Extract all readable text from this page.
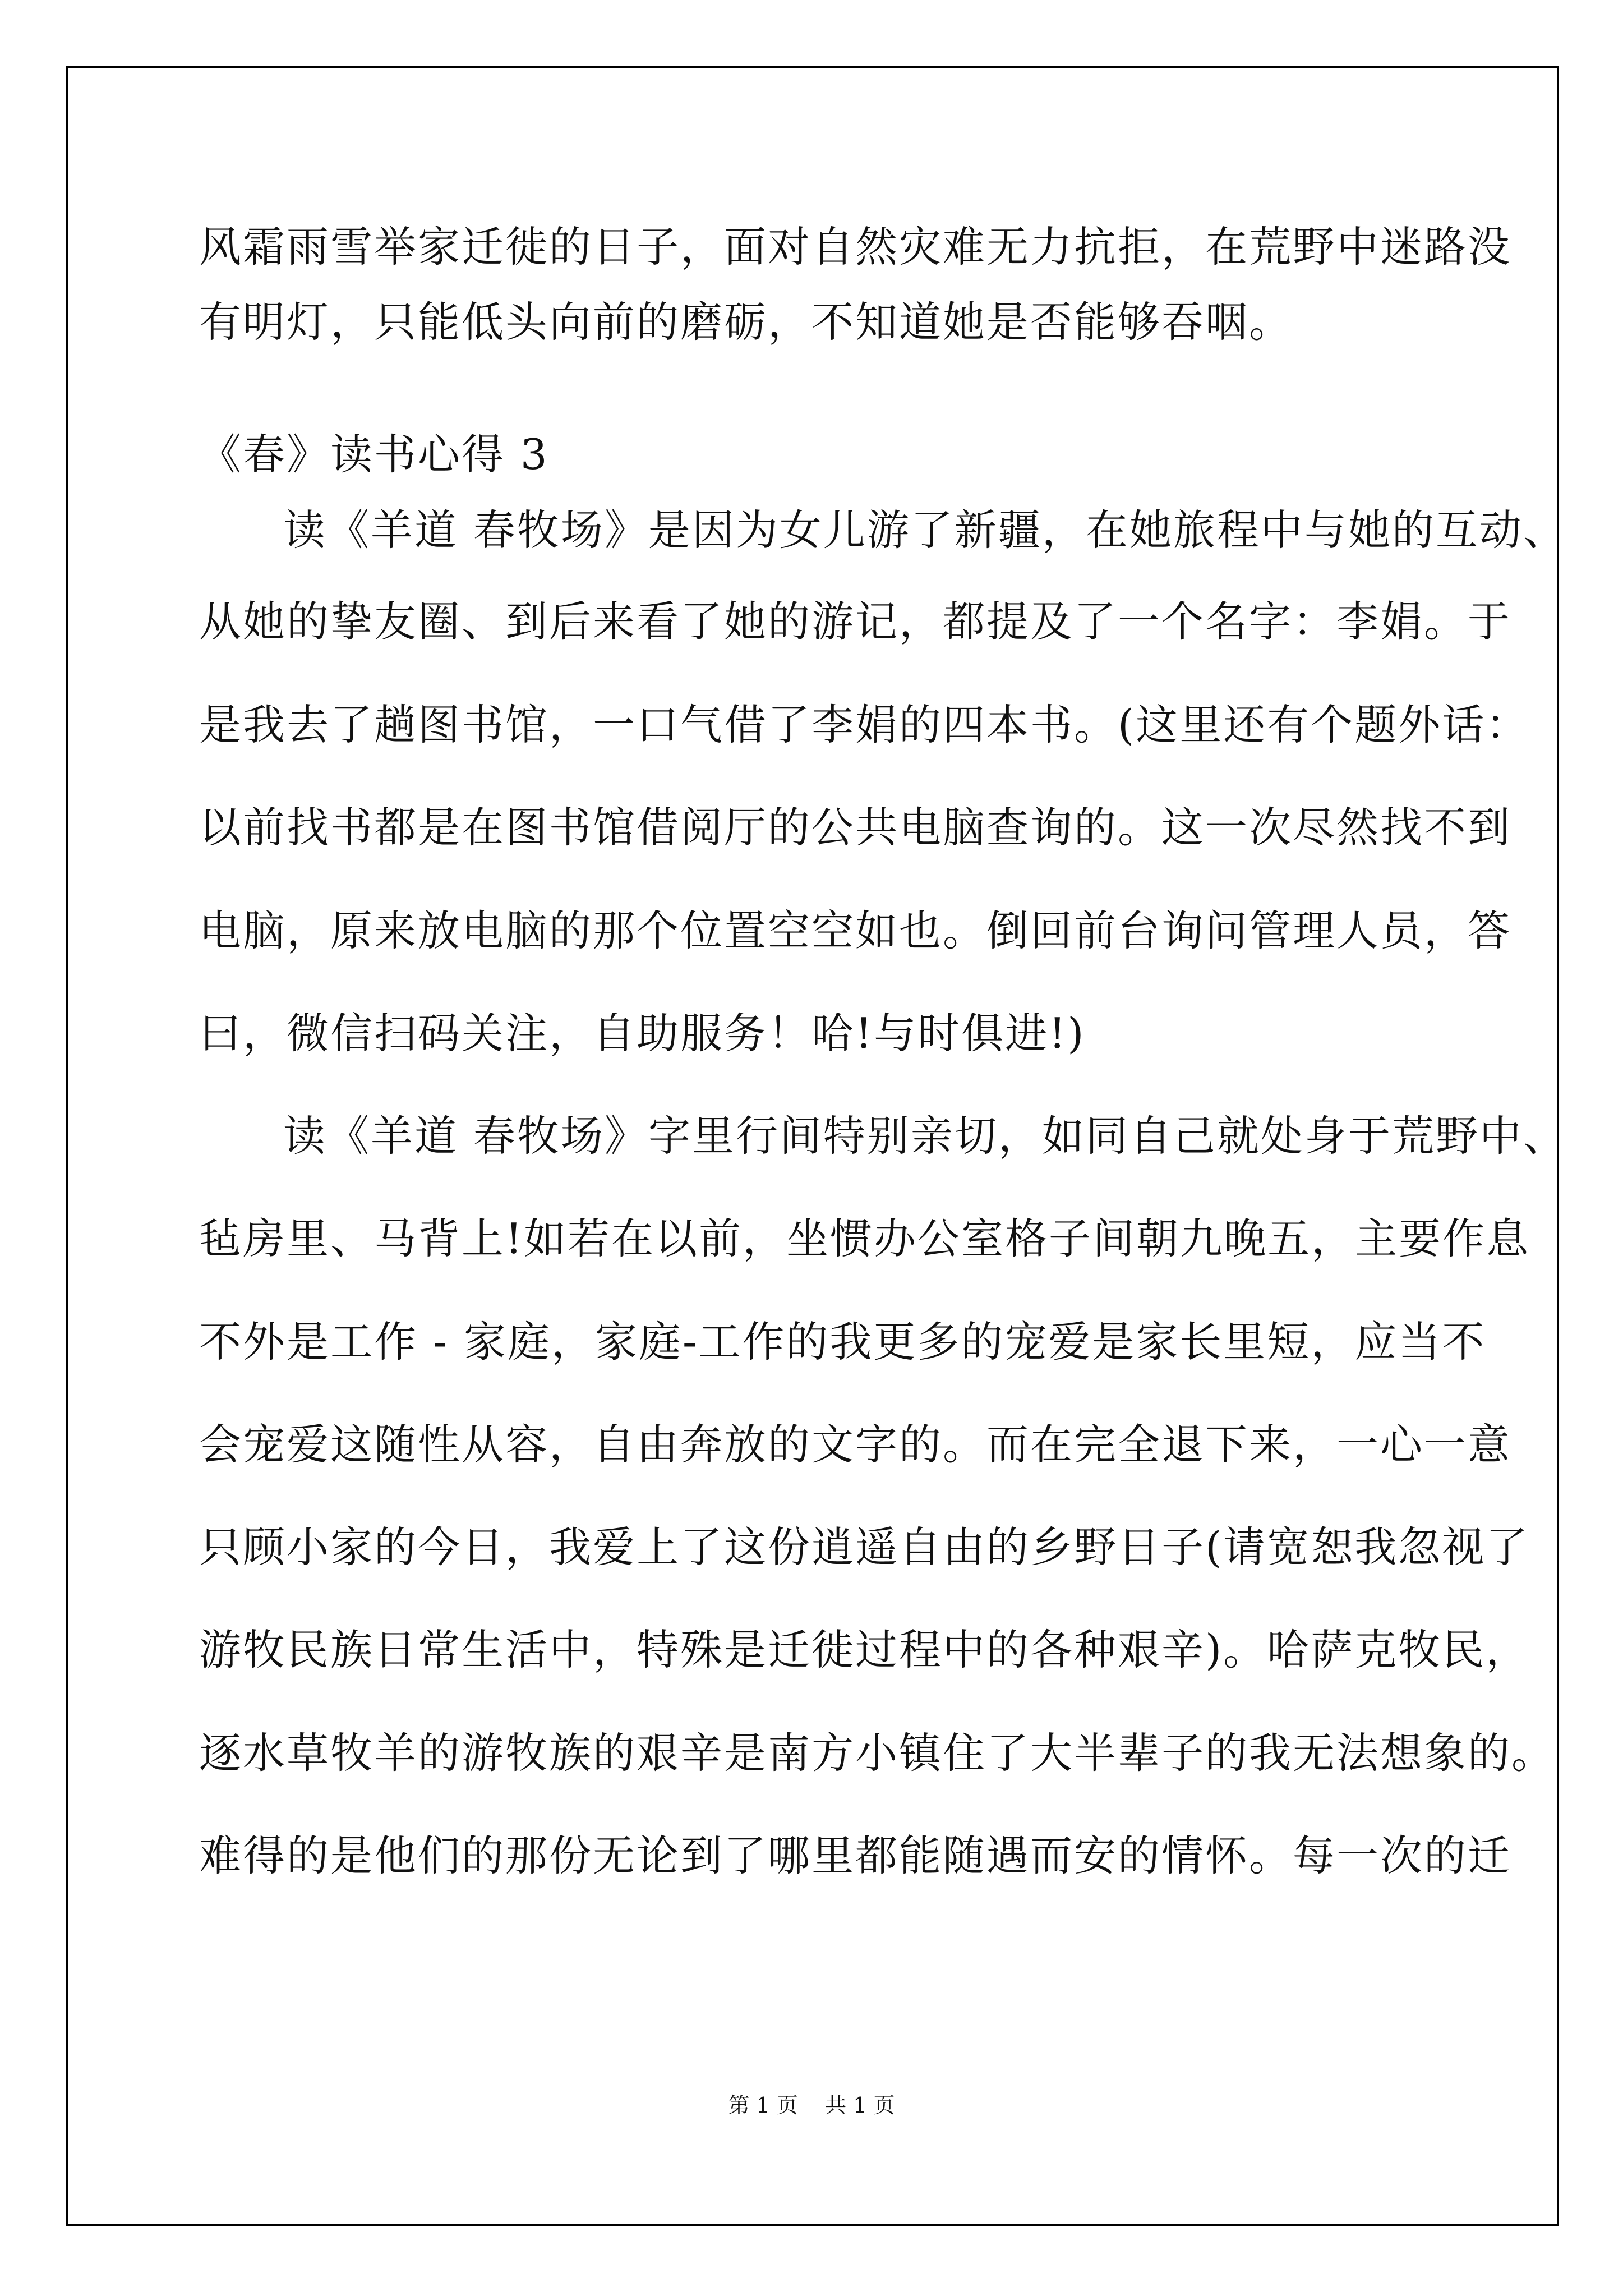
风霜雨雪举家迁徙的日子，面对自然灾难无力抗拒，在荒野中迷路没

有明灯，只能低头向前的磨砺，不知道她是否能够吞咽。

《春》读书心得 3

读《羊道 春牧场》是因为女儿游了新疆，在她旅程中与她的互动、

从她的挚友圈、到后来看了她的游记，都提及了一个名字：李娟。于

是我去了趟图书馆，一口气借了李娟的四本书。(这里还有个题外话：

以前找书都是在图书馆借阅厅的公共电脑查询的。这一次尽然找不到

电脑，原来放电脑的那个位置空空如也。倒回前台询问管理人员，答

曰，微信扫码关注，自助服务！哈!与时俱进!)

读《羊道 春牧场》字里行间特别亲切，如同自己就处身于荒野中、

毡房里、马背上!如若在以前，坐惯办公室格子间朝九晚五，主要作息

不外是工作 - 家庭，家庭-工作的我更多的宠爱是家长里短，应当不

会宠爱这随性从容，自由奔放的文字的。而在完全退下来，一心一意

只顾小家的今日，我爱上了这份逍遥自由的乡野日子(请宽恕我忽视了

游牧民族日常生活中，特殊是迁徙过程中的各种艰辛)。哈萨克牧民，

逐水草牧羊的游牧族的艰辛是南方小镇住了大半辈子的我无法想象的。

难得的是他们的那份无论到了哪里都能随遇而安的情怀。每一次的迁

第 1 页    共 1 页
